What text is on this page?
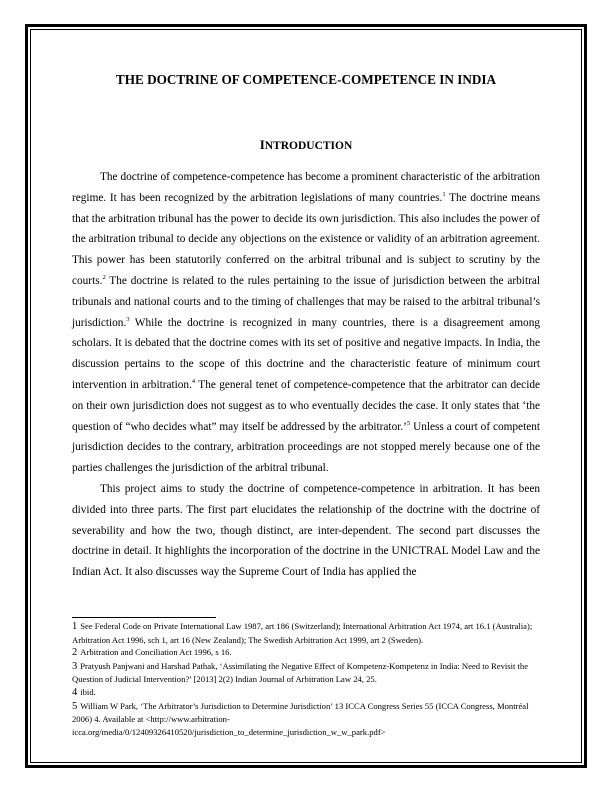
THE DOCTRINE OF COMPETENCE-COMPETENCE IN INDIA
INTRODUCTION

The doctrine of competence-competence has become a prominent characteristic of the arbitration regime. It has been recognized by the arbitration legislations of many countries.$^1$ The doctrine means that the arbitration tribunal has the power to decide its own jurisdiction. This also includes the power of the arbitration tribunal to decide any objections on the existence or validity of an arbitration agreement. This power has been statutorily conferred on the arbitral tribunal and is subject to scrutiny by the courts.$^2$ The doctrine is related to the rules pertaining to the issue of jurisdiction between the arbitral tribunals and national courts and to the timing of challenges that may be raised to the arbitral tribunal’s jurisdiction.$^3$ While the doctrine is recognized in many countries, there is a disagreement among scholars. It is debated that the doctrine comes with its set of positive and negative impacts. In India, the discussion pertains to the scope of this doctrine and the characteristic feature of minimum court intervention in arbitration.$^4$ The general tenet of competence-competence that the arbitrator can decide on their own jurisdiction does not suggest as to who eventually decides the case. It only states that ‘the question of “who decides what” may itself be addressed by the arbitrator.’$^5$ Unless a court of competent jurisdiction decides to the contrary, arbitration proceedings are not stopped merely because one of the parties challenges the jurisdiction of the arbitral tribunal.

This project aims to study the doctrine of competence-competence in arbitration. It has been divided into three parts. The first part elucidates the relationship of the doctrine with the doctrine of severability and how the two, though distinct, are inter-dependent. The second part discusses the doctrine in detail. It highlights the incorporation of the doctrine in the UNICTRAL Model Law and the Indian Act. It also discusses way the Supreme Court of India has applied the

1 See Federal Code on Private International Law 1987, art 186 (Switzerland); International Arbitration Act 1974, art 16.1 (Australia); Arbitration Act 1996, sch 1, art 16 (New Zealand); The Swedish Arbitration Act 1999, art 2 (Sweden).

2 Arbitration and Conciliation Act 1996, s 16.

3 Pratyush Panjwani and Harshad Pathak, ‘Assimilating the Negative Effect of Kompetenz-Kompetenz in India: Need to Revisit the Question of Judicial Intervention?’ [2013] 2(2) Indian Journal of Arbitration Law 24, 25.

4 ibid.

5 William W Park, ‘The Arbitrator’s Jurisdiction to Determine Jurisdiction’ 13 ICCA Congress Series 55 (ICCA Congress, Montréal 2006) 4. Available at <http://www.arbitration-icca.org/media/0/12409326410520/jurisdiction_to_determine_jurisdiction_w_w_park.pdf>
